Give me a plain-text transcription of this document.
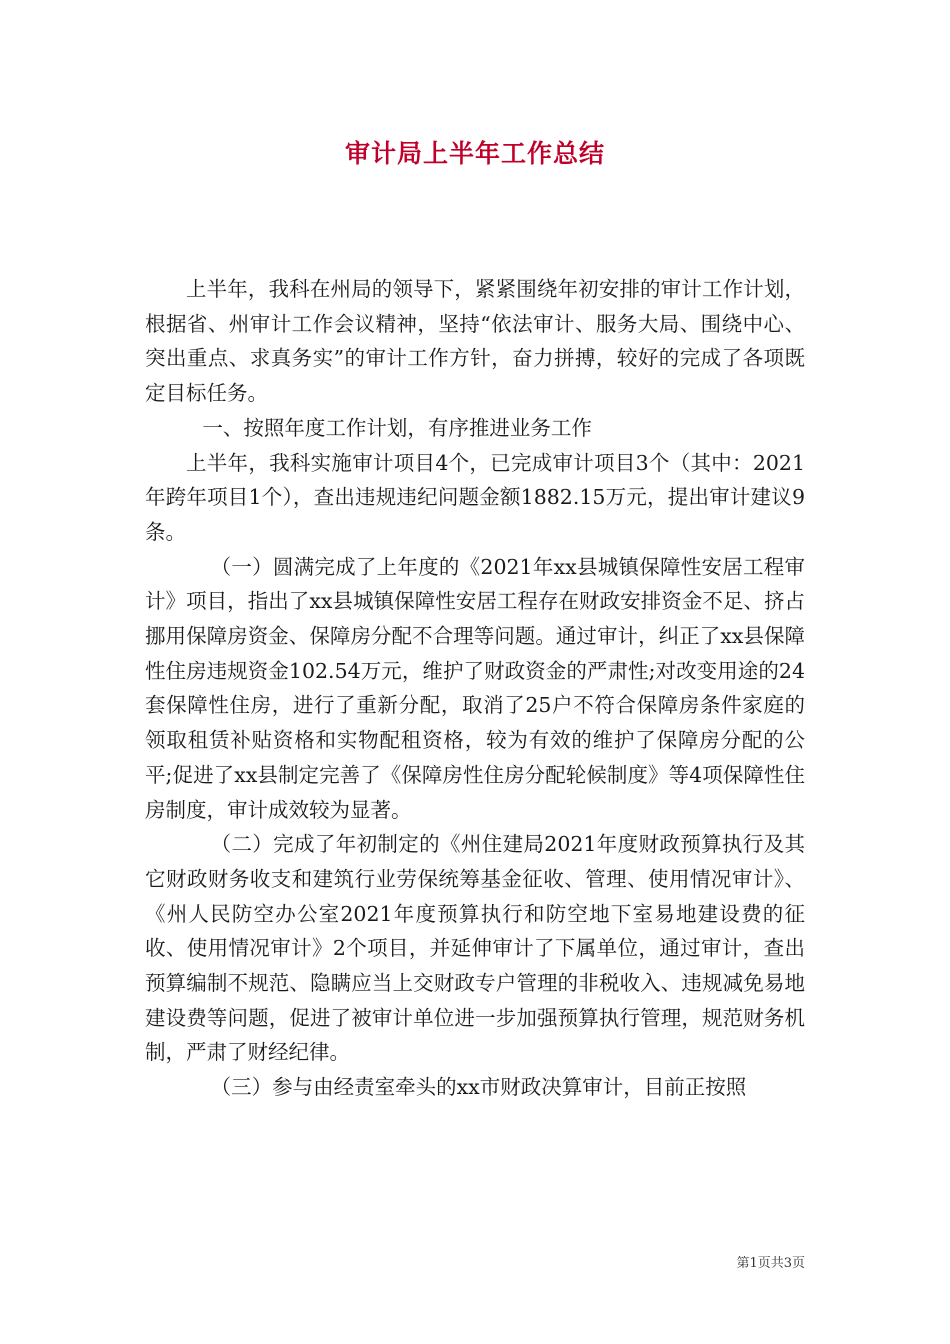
审计局上半年工作总结

上半年，我科在州局的领导下，紧紧围绕年初安排的审计工作计划，根据省、州审计工作会议精神，坚持“依法审计、服务大局、围绕中心、突出重点、求真务实”的审计工作方针，奋力拼搏，较好的完成了各项既定目标任务。

一、按照年度工作计划，有序推进业务工作

上半年，我科实施审计项目4个，已完成审计项目3个（其中：2021年跨年项目1个），查出违规违纪问题金额1882.15万元，提出审计建议9条。

（一）圆满完成了上年度的《2021年xx县城镇保障性安居工程审计》项目，指出了xx县城镇保障性安居工程存在财政安排资金不足、挤占挪用保障房资金、保障房分配不合理等问题。通过审计，纠正了xx县保障性住房违规资金102.54万元，维护了财政资金的严肃性;对改变用途的24套保障性住房，进行了重新分配，取消了25户不符合保障房条件家庭的领取租赁补贴资格和实物配租资格，较为有效的维护了保障房分配的公平;促进了xx县制定完善了《保障房性住房分配轮候制度》等4项保障性住房制度，审计成效较为显著。

（二）完成了年初制定的《州住建局2021年度财政预算执行及其它财政财务收支和建筑行业劳保统筹基金征收、管理、使用情况审计》、《州人民防空办公室2021年度预算执行和防空地下室易地建设费的征收、使用情况审计》2个项目，并延伸审计了下属单位，通过审计，查出预算编制不规范、隐瞒应当上交财政专户管理的非税收入、违规减免易地建设费等问题，促进了被审计单位进一步加强预算执行管理，规范财务机制，严肃了财经纪律。

（三）参与由经责室牵头的xx市财政决算审计，目前正按照

第1页共3页
